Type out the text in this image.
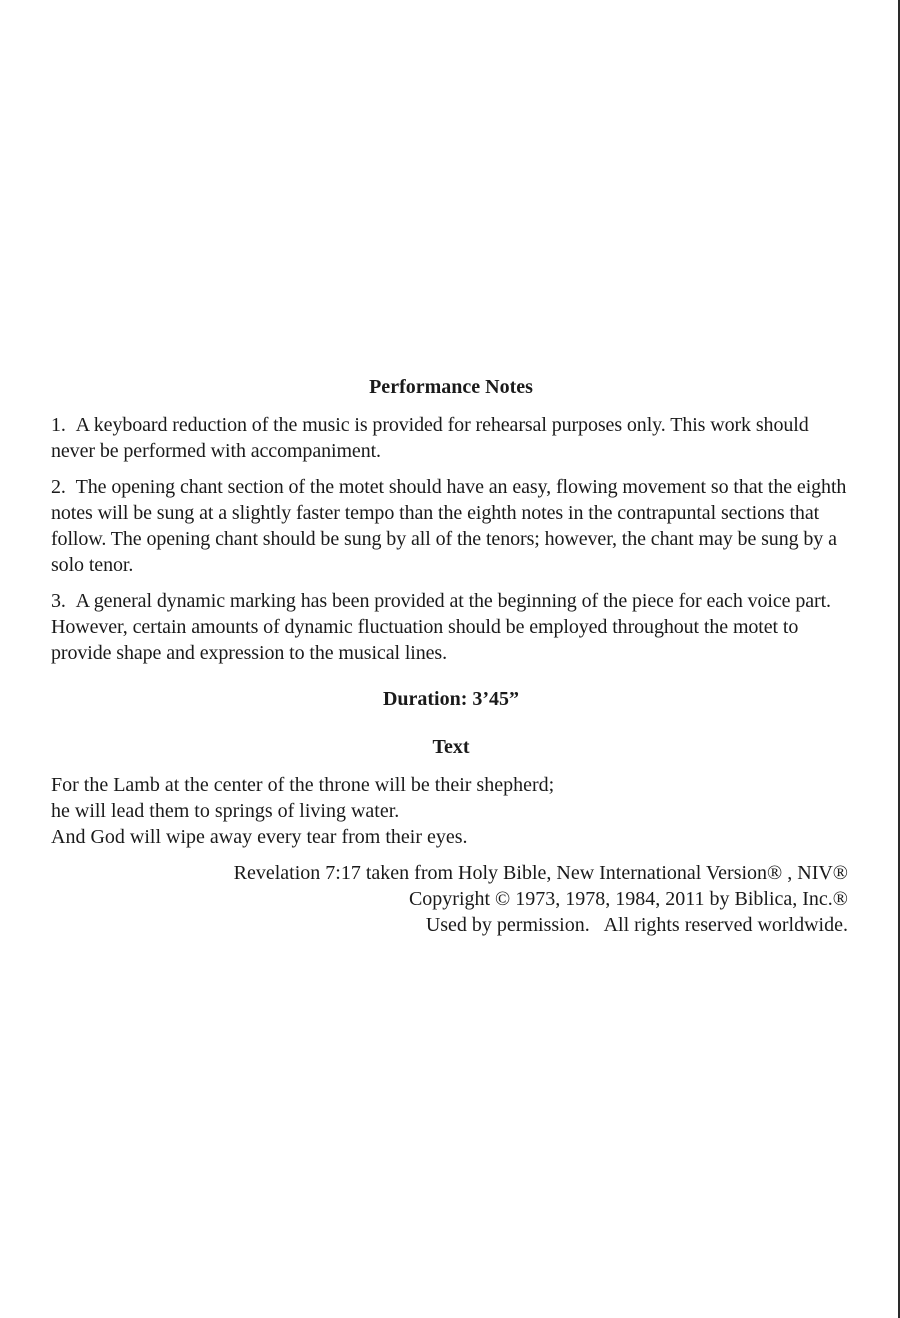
Performance Notes

1. A keyboard reduction of the music is provided for rehearsal purposes only. This work should never be performed with accompaniment.

2. The opening chant section of the motet should have an easy, flowing movement so that the eighth notes will be sung at a slightly faster tempo than the eighth notes in the contrapuntal sections that follow. The opening chant should be sung by all of the tenors; however, the chant may be sung by a solo tenor.

3. A general dynamic marking has been provided at the beginning of the piece for each voice part. However, certain amounts of dynamic fluctuation should be employed throughout the motet to provide shape and expression to the musical lines.

Duration: 3’45”

Text

For the Lamb at the center of the throne will be their shepherd;

he will lead them to springs of living water.

And God will wipe away every tear from their eyes.

Revelation 7:17 taken from Holy Bible, New International Version® , NIV®
Copyright © 1973, 1978, 1984, 2011 by Biblica, Inc.®
Used by permission.   All rights reserved worldwide.
